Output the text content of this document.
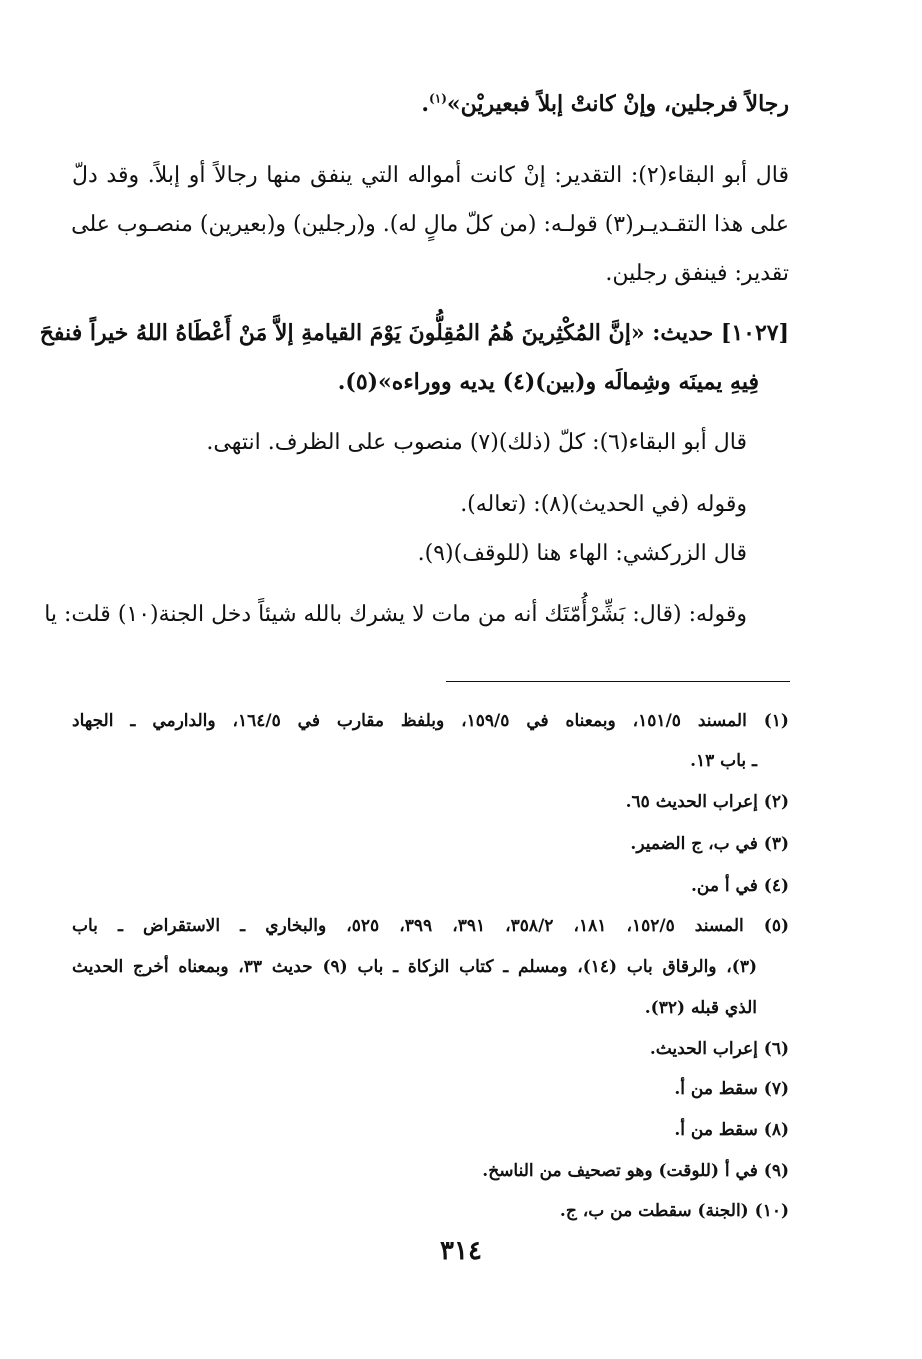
رجالاً فرجلين، وإنْ كانتْ إبلاً فبعيريْن»$^{(١)}$.
قال أبو البقاء(٢): التقدير: إنْ كانت أمواله التي ينفق منها رجالاً أو إبلاً. وقد دلّ
على هذا التقـديـر(٣) قولـه: (من كلّ مالٍ له). و(رجلين) و(بعيرين) منصـوب على
تقدير: فينفق رجلين.
[١٠٢٧] حديث: «إنَّ المُكْثِرينَ هُمُ المُقِلُّونَ يَوْمَ القيامةِ إلاَّ مَنْ أَعْطَاهُ اللهُ خيراً فنفحَ
فِيهِ يمينَه وشِمالَه و(بين)(٤) يديه ووراءه»(٥).
قال أبو البقاء(٦): كلّ (ذلك)(٧) منصوب على الظرف. انتهى.
وقوله (في الحديث)(٨): (تعاله).
قال الزركشي: الهاء هنا (للوقف)(٩).
وقوله: (قال: بَشِّرْأُمّتَك أنه من مات لا يشرك بالله شيئاً دخل الجنة(١٠) قلت: يا
(١) المسند ١٥١/٥، وبمعناه في ١٥٩/٥، وبلفظ مقارب في ١٦٤/٥، والدارمي ـ الجهاد
ـ باب ١٣.
(٢) إعراب الحديث ٦٥.
(٣) في ب، ج الضمير.
(٤) في أ من.
(٥) المسند ١٥٢/٥، ١٨١، ٣٥٨/٢، ٣٩١، ٣٩٩، ٥٢٥، والبخاري ـ الاستقراض ـ باب
(٣)، والرقاق باب (١٤)، ومسلم ـ كتاب الزكاة ـ باب (٩) حديث ٣٣، وبمعناه أخرج الحديث
الذي قبله (٣٢).
(٦) إعراب الحديث.
(٧) سقط من أ.
(٨) سقط من أ.
(٩) في أ (للوقت) وهو تصحيف من الناسخ.
(١٠) (الجنة) سقطت من ب، ج.
٣١٤
